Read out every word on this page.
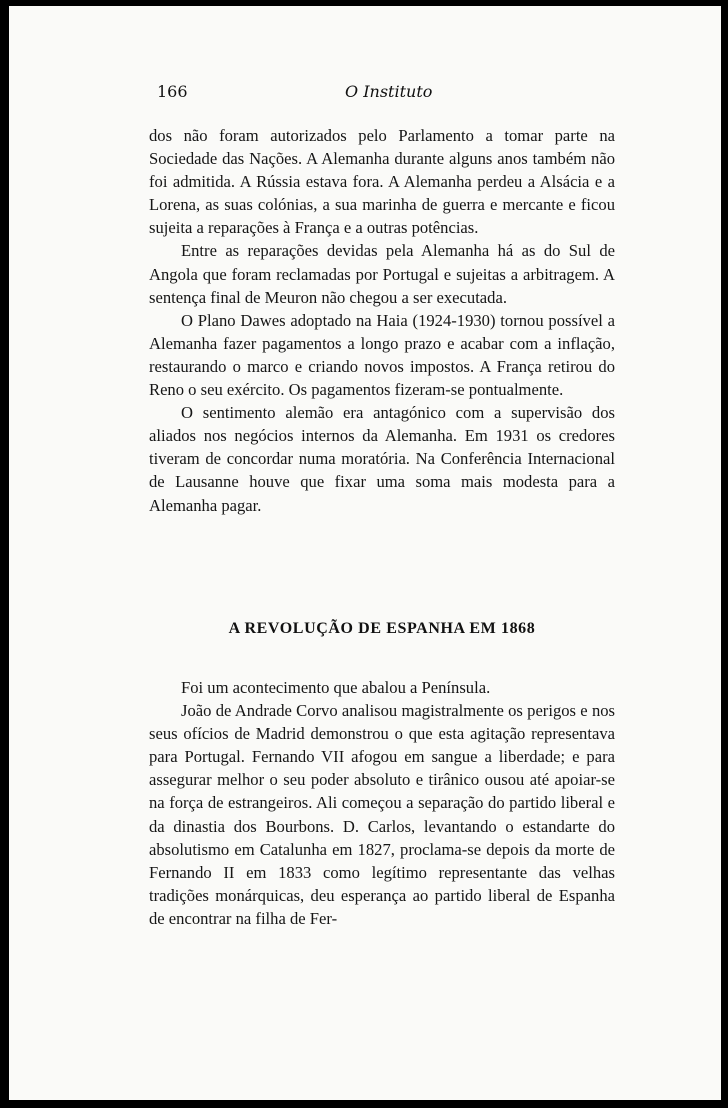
166	O Instituto

dos não foram autorizados pelo Parlamento a tomar parte na Sociedade das Nações. A Alemanha durante alguns anos também não foi admitida. A Rússia estava fora. A Alemanha perdeu a Alsácia e a Lorena, as suas colónias, a sua marinha de guerra e mercante e ficou sujeita a reparações à França e a outras potências.

Entre as reparações devidas pela Alemanha há as do Sul de Angola que foram reclamadas por Portugal e sujeitas a arbitragem. A sentença final de Meuron não chegou a ser executada.

O Plano Dawes adoptado na Haia (1924-1930) tornou possível a Alemanha fazer pagamentos a longo prazo e acabar com a inflação, restaurando o marco e criando novos impostos. A França retirou do Reno o seu exército. Os pagamentos fizeram-se pontualmente.

O sentimento alemão era antagónico com a supervisão dos aliados nos negócios internos da Alemanha. Em 1931 os credores tiveram de concordar numa moratória. Na Conferência Internacional de Lausanne houve que fixar uma soma mais modesta para a Alemanha pagar.

A REVOLUÇÃO DE ESPANHA EM 1868

Foi um acontecimento que abalou a Península.

João de Andrade Corvo analisou magistralmente os perigos e nos seus ofícios de Madrid demonstrou o que esta agitação representava para Portugal. Fernando VII afogou em sangue a liberdade; e para assegurar melhor o seu poder absoluto e tirânico ousou até apoiar-se na força de estrangeiros. Ali começou a separação do partido liberal e da dinastia dos Bourbons. D. Carlos, levantando o estandarte do absolutismo em Catalunha em 1827, proclama-se depois da morte de Fernando II em 1833 como legítimo representante das velhas tradições monárquicas, deu esperança ao partido liberal de Espanha de encontrar na filha de Fer-
